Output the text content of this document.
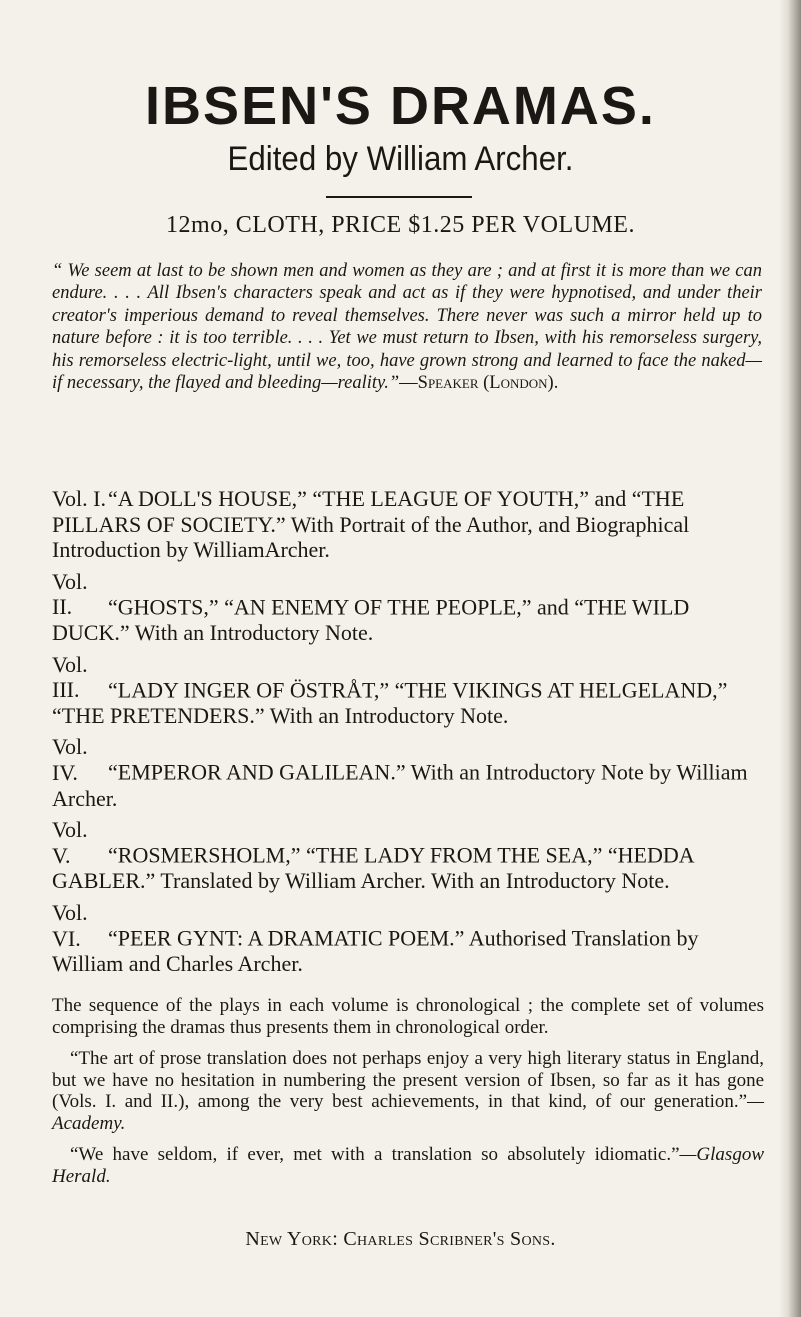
IBSEN'S DRAMAS.
Edited by William Archer.
12mo, CLOTH, PRICE $1.25 PER VOLUME.
“ We seem at last to be shown men and women as they are ; and at first it is more than we can endure. . . . All Ibsen's characters speak and act as if they were hypnotised, and under their creator's imperious demand to reveal themselves. There never was such a mirror held up to nature before : it is too terrible. . . . Yet we must return to Ibsen, with his remorseless surgery, his remorseless electric-light, until we, too, have grown strong and learned to face the naked—if necessary, the flayed and bleeding—reality.”—Speaker (London).
Vol. I.“A DOLL'S HOUSE,” “THE LEAGUE OF YOUTH,” and “THE PILLARS OF SOCIETY.” With Portrait of the Author, and Biographical Introduction by WilliamArcher.
Vol. II. “GHOSTS,” “AN ENEMY OF THE PEOPLE,” and “THE WILD DUCK.” With an Introductory Note.
Vol. III. “LADY INGER OF ÖSTRÅT,” “THE VIKINGS AT HELGELAND,” “THE PRETENDERS.” With an Introductory Note.
Vol. IV. “EMPEROR AND GALILEAN.” With an Introductory Note by William Archer.
Vol. V. “ROSMERSHOLM,” “THE LADY FROM THE SEA,” “HEDDA GABLER.” Translated by William Archer. With an Introductory Note.
Vol. VI. “PEER GYNT: A DRAMATIC POEM.” Authorised Translation by William and Charles Archer.

The sequence of the plays in each volume is chronological ; the complete set of volumes comprising the dramas thus presents them in chronological order.

“The art of prose translation does not perhaps enjoy a very high literary status in England, but we have no hesitation in numbering the present version of Ibsen, so far as it has gone (Vols. I. and II.), among the very best achievements, in that kind, of our generation.”—Academy.

“We have seldom, if ever, met with a translation so absolutely idiomatic.”—Glasgow Herald.

New York: Charles Scribner's Sons.
